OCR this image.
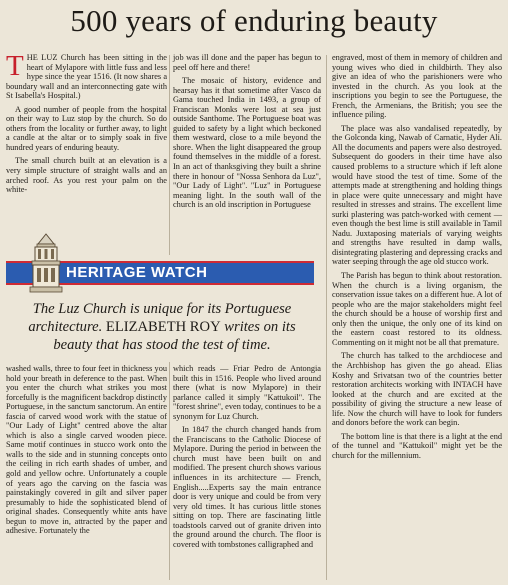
500 years of enduring beauty

THE LUZ Church has been sitting in the heart of Mylapore with little fuss and less hype since the year 1516. (It now shares a boundary wall and an interconnecting gate with St Isabella's Hospital.)

A good number of people from the hospital on their way to Luz stop by the church. So do others from the locality or further away, to light a candle at the altar or to simply soak in five hundred years of enduring beauty.

The small church built at an elevation is a very simple structure of straight walls and an arched roof. As you rest your palm on the white-

job was ill done and the paper has begun to peel off here and there!

The mosaic of history, evidence and hearsay has it that sometime after Vasco da Gama touched India in 1493, a group of Franciscan Monks were lost at sea just outside Santhome. The Portuguese boat was guided to safety by a light which beckoned them westward, close to a mile beyond the shore. When the light disappeared the group found themselves in the middle of a forest. In an act of thanksgiving they built a shrine there in honour of "Nossa Senhora da Luz", "Our Lady of Light". "Luz" in Portuguese meaning light. In the south wall of the church is an old inscription in Portuguese

engraved, most of them in memory of children and young wives who died in childbirth. They also give an idea of who the parishioners were who invested in the church. As you look at the inscriptions you begin to see the Portuguese, the French, the Armenians, the British; you see the influence piling.

The place was also vandalised repeatedly, by the Golconda king, Nawab of Carnatic, Hyder Ali. All the documents and papers were also destroyed. Subsequent do gooders in their time have also caused problems to a structure which if left alone would have stood the test of time. Some of the attempts made at strengthening and holding things in place were quite unnecessary and might have resulted in stresses and strains. The excellent lime surki plastering was patch-worked with cement — even though the best lime is still available in Tamil Nadu. Juxtaposing materials of varying weights and strengths have resulted in damp walls, disintegrating plastering and depressing cracks and water seeping through the age old stucco work.

The Parish has begun to think about restoration. When the church is a living organism, the conservation issue takes on a different hue. A lot of people who are the major stakeholders might feel the church should be a house of worship first and only then the unique, the only one of its kind on the eastern coast restored to its oldness. Commenting on it might not be all that premature.

The church has talked to the archdiocese and the Archbishop has given the go ahead. Elias Koshy and Srivatsan two of the countries better restoration architects working with INTACH have looked at the church and are excited at the possibility of giving the structure a new lease of life. Now the church will have to look for funders and donors before the work can begin.

The bottom line is that there is a light at the end of the tunnel and "Kattukoil" might yet be the church for the millennium.

HERITAGE WATCH
The Luz Church is unique for its Portuguese architecture. ELIZABETH ROY writes on its beauty that has stood the test of time.

washed walls, three to four feet in thickness you hold your breath in deference to the past. When you enter the church what strikes you most forcefully is the magnificent backdrop distinctly Portuguese, in the sanctum sanctorum. An entire fascia of carved wood work with the statue of "Our Lady of Light" centred above the altar which is also a single carved wooden piece. Same motif continues in stucco work onto the walls to the side and in stunning concepts onto the ceiling in rich earth shades of umber, and gold and yellow ochre. Unfortunately a couple of years ago the carving on the fascia was painstakingly covered in gilt and silver paper presumably to hide the sophisticated blend of original shades. Consequently white ants have begun to move in, attracted by the paper and adhesive. Fortunately the

which reads — Friar Pedro de Antongia built this in 1516. People who lived around there (what is now Mylapore) in their parlance called it simply "Kattukoil". The "forest shrine", even today, continues to be a synonym for Luz Church.

In 1847 the church changed hands from the Franciscans to the Catholic Diocese of Mylapore. During the period in between the church must have been built on and modified. The present church shows various influences in its architecture — French, English.....Experts say the main entrance door is very unique and could be from very very old times. It has curious little stones sitting on top. There are fascinating little toadstools carved out of granite driven into the ground around the church. The floor is covered with tombstones calligraphed and
